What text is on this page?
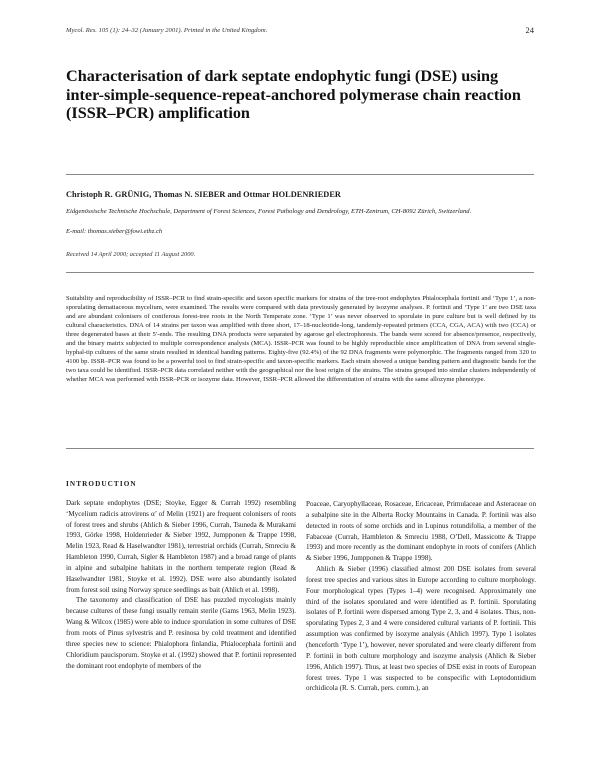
Mycol. Res. 105 (1): 24–32 (January 2001). Printed in the United Kingdom.	24
Characterisation of dark septate endophytic fungi (DSE) using inter-simple-sequence-repeat-anchored polymerase chain reaction (ISSR–PCR) amplification
Christoph R. GRÜNIG, Thomas N. SIEBER and Ottmar HOLDENRIEDER
Eidgenössische Technische Hochschule, Department of Forest Sciences, Forest Pathology and Dendrology, ETH-Zentrum, CH-8092 Zürich, Switzerland.
E-mail: thomas.sieber@fowi.ethz.ch
Received 14 April 2000; accepted 11 August 2000.

Suitability and reproducibility of ISSR–PCR to find strain-specific and taxon specific markers for strains of the tree-root endophytes Phialocephala fortinii and ‘Type 1’, a non-sporulating dematiaceous mycelium, were examined. The results were compared with data previously generated by isozyme analyses. P. fortinii and ‘Type 1’ are two DSE taxa and are abundant colonisers of coniferous forest-tree roots in the North Temperate zone. ‘Type 1’ was never observed to sporulate in pure culture but is well defined by its cultural characteristics. DNA of 14 strains per taxon was amplified with three short, 17–18-nucleotide-long, tandemly-repeated primers (CCA, CGA, ACA) with two (CCA) or three degenerated bases at their 5′-ends. The resulting DNA products were separated by agarose gel electrophoresis. The bands were scored for absence/presence, respectively, and the binary matrix subjected to multiple correspondence analysis (MCA). ISSR–PCR was found to be highly reproducible since amplification of DNA from several single-hyphal-tip cultures of the same strain resulted in identical banding patterns. Eighty-five (92.4%) of the 92 DNA fragments were polymorphic. The fragments ranged from 320 to 4100 bp. ISSR–PCR was found to be a powerful tool to find strain-specific and taxon-specific markers. Each strain showed a unique banding pattern and diagnostic bands for the two taxa could be identified. ISSR–PCR data correlated neither with the geographical nor the host origin of the strains. The strains grouped into similar clusters independently of whether MCA was performed with ISSR–PCR or isozyme data. However, ISSR–PCR allowed the differentiation of strains with the same allozyme phenotype.

INTRODUCTION

Dark septate endophytes (DSE; Stoyke, Egger & Currah 1992) resembling ‘Mycelium radicis atrovirens α’ of Melin (1921) are frequent colonisers of roots of forest trees and shrubs (Ahlich & Sieber 1996, Currah, Tsuneda & Murakami 1993, Görke 1998, Holdenrieder & Sieber 1992, Jumpponen & Trappe 1998, Melin 1923, Read & Haselwandter 1981), terrestrial orchids (Currah, Smreciu & Hambleton 1990, Currah, Sigler & Hambleton 1987) and a broad range of plants in alpine and subalpine habitats in the northern temperate region (Read & Haselwandter 1981, Stoyke et al. 1992). DSE were also abundantly isolated from forest soil using Norway spruce seedlings as bait (Ahlich et al. 1998).

The taxonomy and classification of DSE has puzzled mycologists mainly because cultures of these fungi usually remain sterile (Gams 1963, Melin 1923). Wang & Wilcox (1985) were able to induce sporulation in some cultures of DSE from roots of Pinus sylvestris and P. resinosa by cold treatment and identified three species new to science: Phialophora finlandia, Phialocephala fortinii and Chloridium paucisporum. Stoyke et al. (1992) showed that P. fortinii represented the dominant root endophyte of members of the

Poaceae, Caryophyllaceae, Rosaceae, Ericaceae, Primulaceae and Asteraceae on a subalpine site in the Alberta Rocky Mountains in Canada. P. fortinii was also detected in roots of some orchids and in Lupinus rotundifolia, a member of the Fabaceae (Currah, Hambleton & Smreciu 1988, O’Dell, Massicotte & Trappe 1993) and more recently as the dominant endophyte in roots of conifers (Ahlich & Sieber 1996, Jumpponen & Trappe 1998).

Ahlich & Sieber (1996) classified almost 200 DSE isolates from several forest tree species and various sites in Europe according to culture morphology. Four morphological types (Types 1–4) were recognised. Approximately one third of the isolates sporulated and were identified as P. fortinii. Sporulating isolates of P. fortinii were dispersed among Type 2, 3, and 4 isolates. Thus, non-sporulating Types 2, 3 and 4 were considered cultural variants of P. fortinii. This assumption was confirmed by isozyme analysis (Ahlich 1997). Type 1 isolates (henceforth ‘Type 1’), however, never sporulated and were clearly different from P. fortinii in both culture morphology and isozyme analysis (Ahlich & Sieber 1996, Ahlich 1997). Thus, at least two species of DSE exist in roots of European forest trees. Type 1 was suspected to be conspecific with Leptodontidium orchidicola (R. S. Currah, pers. comm.), an
